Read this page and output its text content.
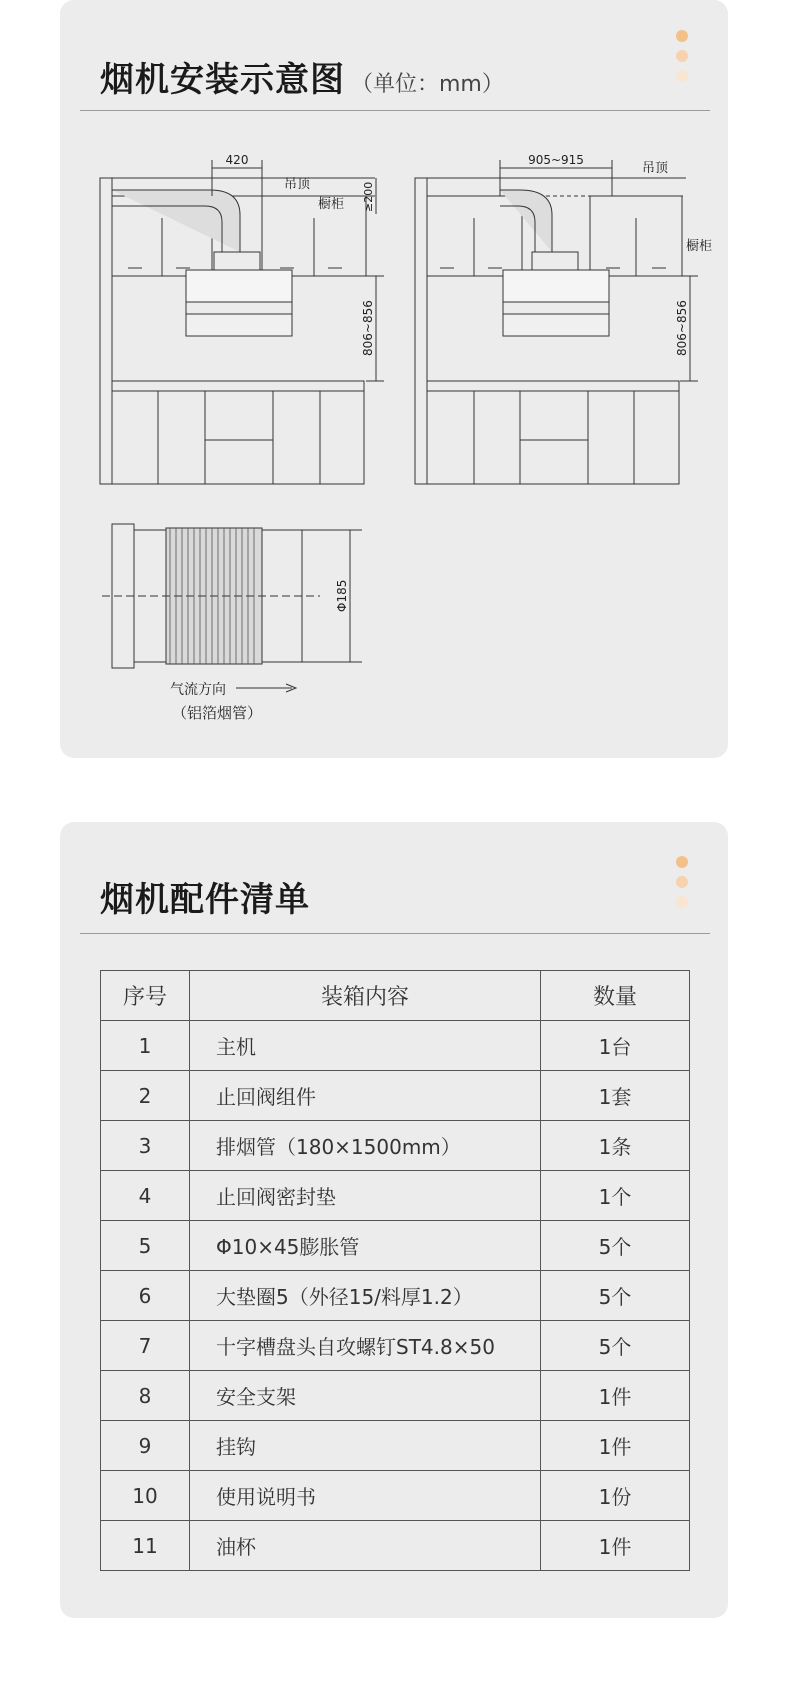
烟机安装示意图 （单位：mm）
420	905~915
吊顶
橱柜
吊顶
橱柜
≥200
806~856	806~856
Φ185
气流方向
（铝箔烟管）
烟机配件清单
序号	装箱内容	数量
1	主机	1台
2	止回阀组件	1套
3	排烟管（180×1500mm）	1条
4	止回阀密封垫	1个
5	Φ10×45膨胀管	5个
6	大垫圈5（外径15/料厚1.2）	5个
7	十字槽盘头自攻螺钉ST4.8×50	5个
8	安全支架	1件
9	挂钩	1件
10	使用说明书	1份
11	油杯	1件
